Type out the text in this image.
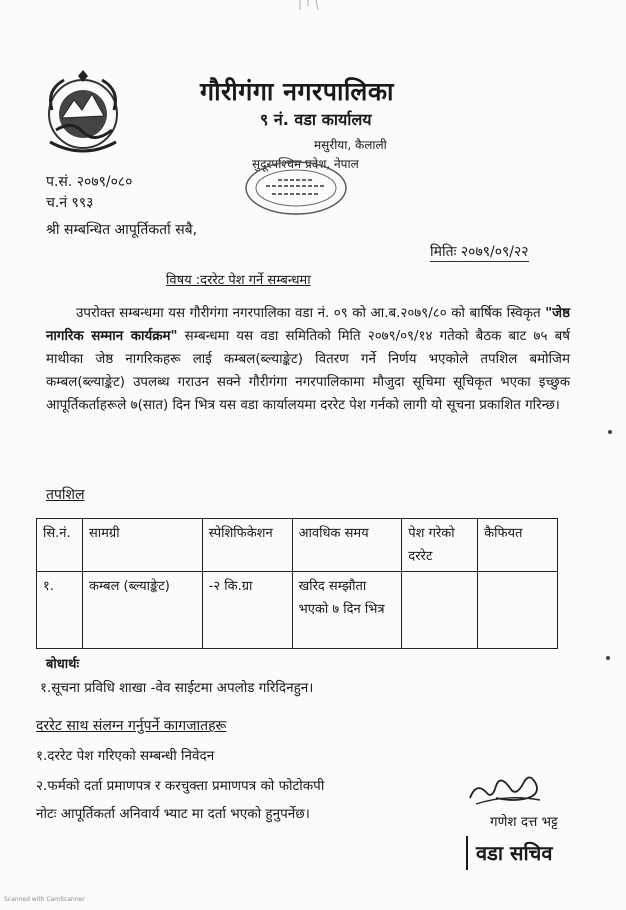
गौरीगंगा नगरपालिका
९ नं. वडा कार्यालय
मसुरीया, कैलाली
सुदूरपश्चिम प्रदेश, नेपाल
प.सं. २०७९/०८०
च.नं ९९३
श्री सम्बन्धित आपूर्तिकर्ता सबै,
मितिः २०७९/०९/२२
विषय :दररेट पेश गर्ने सम्बन्धमा
उपरोक्त सम्बन्धमा यस गौरीगंगा नगरपालिका वडा नं. ०९ को आ.ब.२०७९/८० को बार्षिक स्विकृत "जेष्ठ नागरिक सम्मान कार्यक्रम" सम्बन्धमा यस वडा समितिको मिति २०७९/०९/१४ गतेको बैठक बाट ७५ बर्ष माथीका जेष्ठ नागरिकहरू लाई कम्बल(ब्ल्याङ्केट) वितरण गर्ने निर्णय भएकोले तपशिल बमोजिम कम्बल(ब्ल्याङ्केट) उपलब्ध गराउन सक्ने गौरीगंगा नगरपालिकामा मौजुदा सूचिमा सूचिकृत भएका इच्छुक आपूर्तिकर्ताहरूले ७(सात) दिन भित्र यस वडा कार्यालयमा दररेट पेश गर्नको लागी यो सूचना प्रकाशित गरिन्छ।
तपशिल
सि.नं.	सामग्री	स्पेशिफिकेशन	आवधिक समय	पेश गरेको दररेट	कैफियत
१.	कम्बल (ब्ल्याङ्केट)	-२ कि.ग्रा	खरिद सम्झौता भएको ७ दिन भित्र		
बोधार्थः
१.सूचना प्रविधि शाखा -वेव साईटमा अपलोड गरिदिनहुन।
दररेट साथ संलग्न गर्नुपर्ने कागजातहरू
१.दररेट पेश गरिएको सम्बन्धी निवेदन
२.फर्मको दर्ता प्रमाणपत्र र करचुक्ता प्रमाणपत्र को फोटोकपी
नोटः आपूर्तिकर्ता अनिवार्य भ्याट मा दर्ता भएको हुनुपर्नेछ।	गणेश दत्त भट्ट
वडा सचिव
Scanned with CamScanner
